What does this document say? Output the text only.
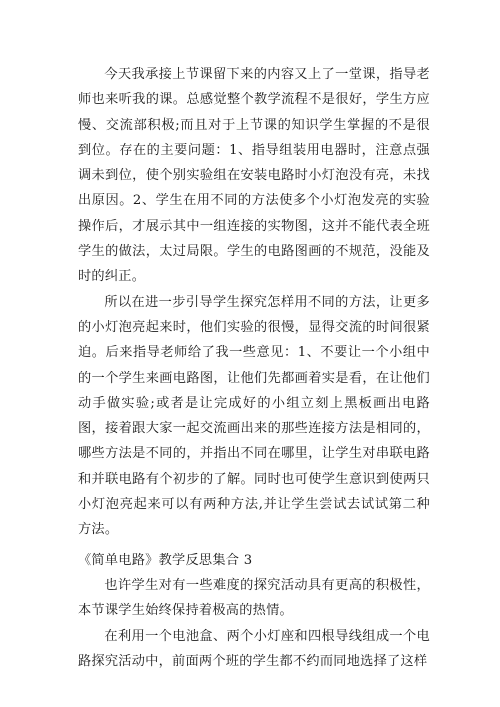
今天我承接上节课留下来的内容又上了一堂课，指导老师也来听我的课。总感觉整个教学流程不是很好，学生方应慢、交流部积极;而且对于上节课的知识学生掌握的不是很到位。存在的主要问题：1、指导组装用电器时，注意点强调未到位，使个别实验组在安装电路时小灯泡没有亮，未找出原因。2、学生在用不同的方法使多个小灯泡发亮的实验操作后，才展示其中一组连接的实物图，这并不能代表全班学生的做法，太过局限。学生的电路图画的不规范，没能及时的纠正。

所以在进一步引导学生探究怎样用不同的方法，让更多的小灯泡亮起来时，他们实验的很慢，显得交流的时间很紧迫。后来指导老师给了我一些意见：1、不要让一个小组中的一个学生来画电路图，让他们先都画着实是看，在让他们动手做实验;或者是让完成好的小组立刻上黑板画出电路图，接着跟大家一起交流画出来的那些连接方法是相同的，哪些方法是不同的，并指出不同在哪里，让学生对串联电路和并联电路有个初步的了解。同时也可使学生意识到使两只小灯泡亮起来可以有两种方法,并让学生尝试去试试第二种方法。

《简单电路》教学反思集合 3

也许学生对有一些难度的探究活动具有更高的积极性，本节课学生始终保持着极高的热情。

在利用一个电池盒、两个小灯座和四根导线组成一个电路探究活动中，前面两个班的学生都不约而同地选择了这样
